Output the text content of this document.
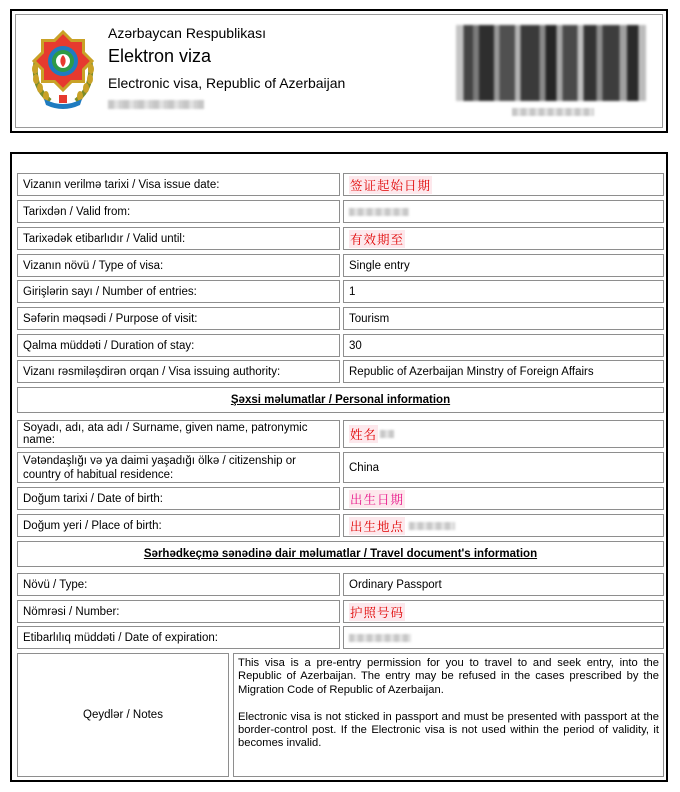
Azərbaycan Respublikası
Elektron viza
Electronic visa, Republic of Azerbaijan
Vizanın verilmə tarixi / Visa issue date:	签证起始日期
Tarixdən / Valid from:
Tarixədək etibarlıdır / Valid until:	有效期至
Vizanın növü / Type of visa:	Single entry
Girişlərin sayı / Number of entries:	1
Səfərin məqsədi / Purpose of visit:	Tourism
Qalma müddəti / Duration of stay:	30
Vizanı rəsmiləşdirən orqan / Visa issuing authority:	Republic of Azerbaijan Minstry of Foreign Affairs
Şəxsi məlumatlar / Personal information
Soyadı, adı, ata adı / Surname, given name, patronymic name:	姓名
Vətəndaşlığı və ya daimi yaşadığı ölkə / citizenship or country of habitual residence:
China
Doğum tarixi / Date of birth:	出生日期
Doğum yeri / Place of birth:	出生地点
Sərhədkeçmə sənədinə dair məlumatlar / Travel document's information
Növü / Type:	Ordinary Passport
Nömrəsi / Number:	护照号码
Etibarlılıq müddəti / Date of expiration:
Qeydlər / Notes

This visa is a pre-entry permission for you to travel to and seek entry, into the Republic of Azerbaijan. The entry may be refused in the cases prescribed by the Migration Code of Republic of Azerbaijan.

Electronic visa is not sticked in passport and must be presented with passport at the border-control post. If the Electronic visa is not used within the period of validity, it becomes invalid.
